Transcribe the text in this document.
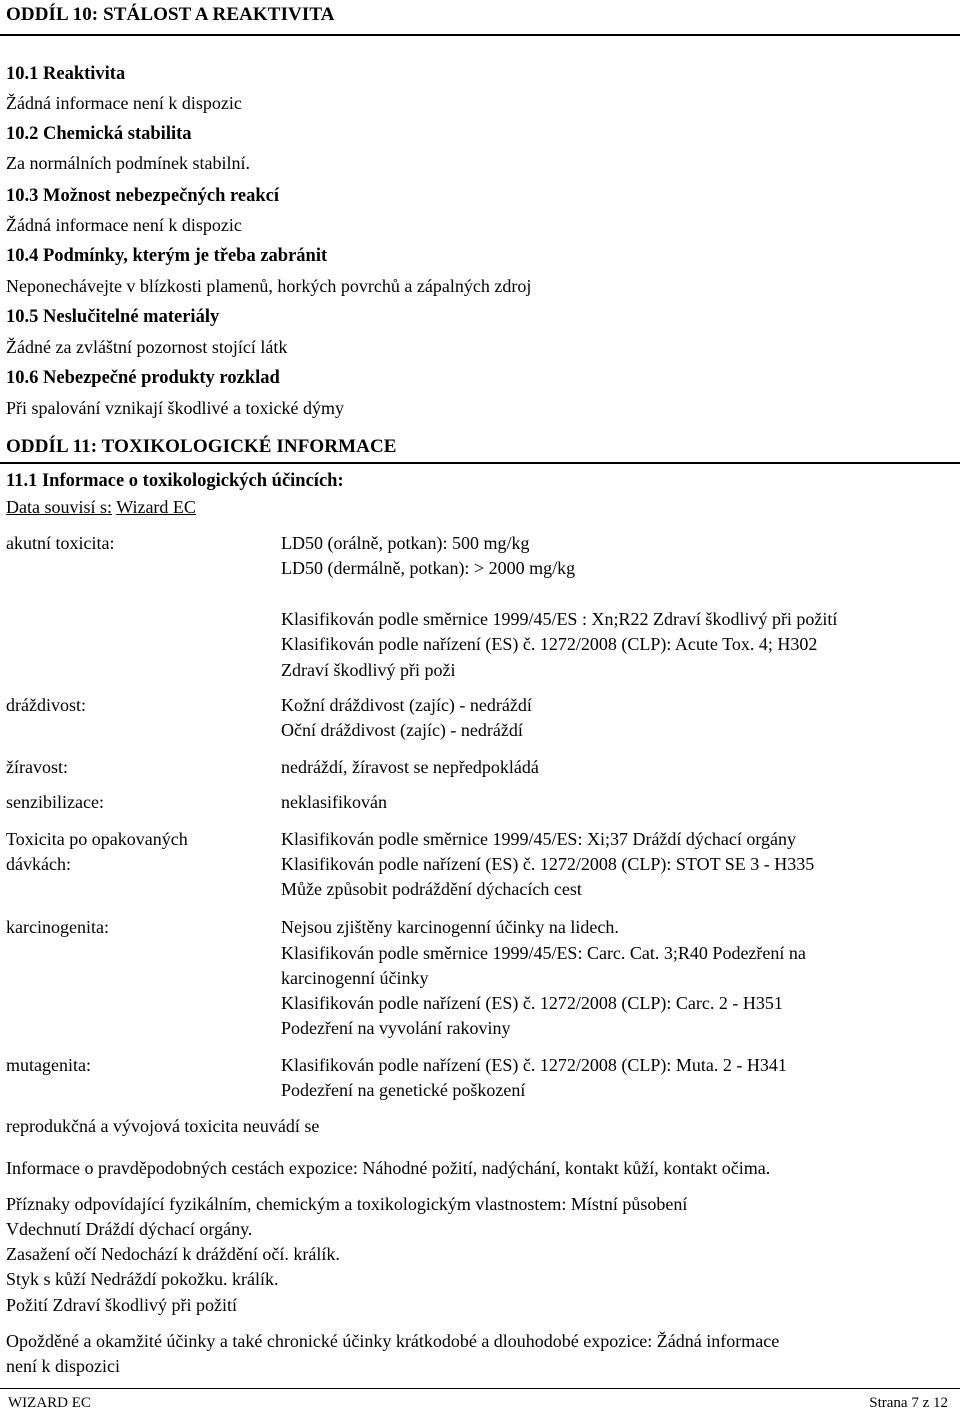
ODDÍL 10: STÁLOST A REAKTIVITA
10.1 Reaktivita
Žádná informace není k dispozic
10.2 Chemická stabilita
Za normálních podmínek stabilní.
10.3 Možnost nebezpečných reakcí
Žádná informace není k dispozic
10.4 Podmínky, kterým je třeba zabránit
Neponechávejte v blízkosti plamenů, horkých povrchů a zápalných zdroj
10.5 Neslučitelné materiály
Žádné za zvláštní pozornost stojící látk
10.6 Nebezpečné produkty rozklad
Při spalování vznikají škodlivé a toxické dýmy
ODDÍL 11: TOXIKOLOGICKÉ INFORMACE
11.1 Informace o toxikologických účincích:
Data souvisí s: Wizard EC
akutní toxicita:	LD50 (orálně, potkan): 500 mg/kg
LD50 (dermálně, potkan): > 2000 mg/kg
Klasifikován podle směrnice 1999/45/ES : Xn;R22 Zdraví škodlivý při požití
Klasifikován podle nařízení (ES) č. 1272/2008 (CLP): Acute Tox. 4; H302
Zdraví škodlivý při poži
dráždivost:	Kožní dráždivost (zajíc) - nedráždí
Oční dráždivost (zajíc) - nedráždí
žíravost:	nedráždí, žíravost se nepředpokládá
senzibilizace:	neklasifikován
Toxicita po opakovaných
dávkách:
Klasifikován podle směrnice 1999/45/ES: Xi;37 Dráždí dýchací orgány
Klasifikován podle nařízení (ES) č. 1272/2008 (CLP): STOT SE 3 - H335
Může způsobit podráždění dýchacích cest
karcinogenita:	Nejsou zjištěny karcinogenní účinky na lidech.
Klasifikován podle směrnice 1999/45/ES: Carc. Cat. 3;R40 Podezření na
karcinogenní účinky
Klasifikován podle nařízení (ES) č. 1272/2008 (CLP): Carc. 2 - H351
Podezření na vyvolání rakoviny
mutagenita:	Klasifikován podle nařízení (ES) č. 1272/2008 (CLP): Muta. 2 - H341
Podezření na genetické poškození
reprodukčná a vývojová toxicita neuvádí se
Informace o pravděpodobných cestách expozice: Náhodné požití, nadýchání, kontakt kůží, kontakt očima.
Příznaky odpovídající fyzikálním, chemickým a toxikologickým vlastnostem: Místní působení
Vdechnutí Dráždí dýchací orgány.
Zasažení očí Nedochází k dráždění očí. králík.
Styk s kůží Nedráždí pokožku. králík.
Požití Zdraví škodlivý při požití
Opožděné a okamžité účinky a také chronické účinky krátkodobé a dlouhodobé expozice: Žádná informace
není k dispozici
WIZARD EC	Strana 7 z 12
